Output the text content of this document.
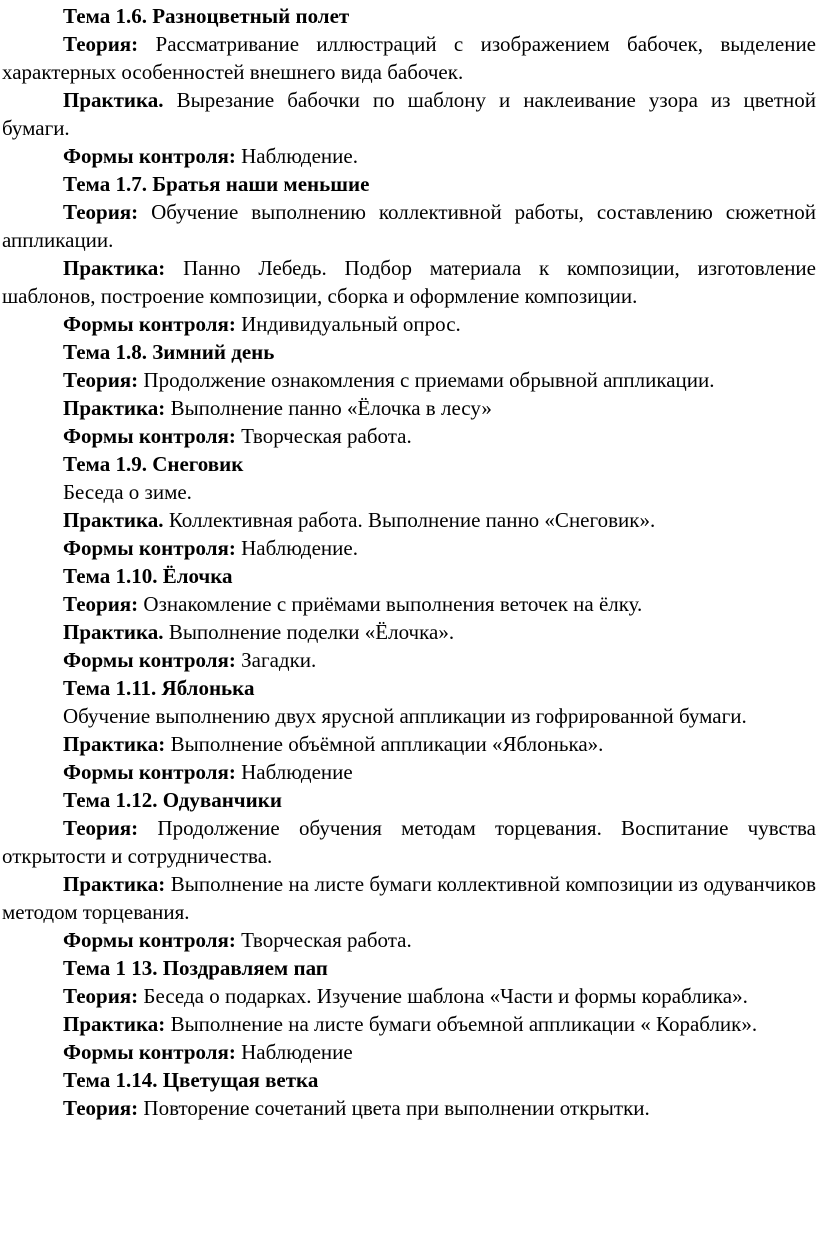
Тема 1.6. Разноцветный полет

Теория: Рассматривание иллюстраций с изображением бабочек, выделение характерных особенностей внешнего вида бабочек.

Практика. Вырезание бабочки по шаблону и наклеивание узора из цветной бумаги.

Формы контроля: Наблюдение.

Тема 1.7. Братья наши меньшие

Теория: Обучение выполнению коллективной работы, составлению сюжетной аппликации.

Практика: Панно Лебедь. Подбор материала к композиции, изготовление шаблонов, построение композиции, сборка и оформление композиции.

Формы контроля: Индивидуальный опрос.

Тема 1.8. Зимний день

Теория: Продолжение ознакомления с приемами обрывной аппликации.

Практика: Выполнение панно «Ёлочка в лесу»

Формы контроля: Творческая работа.

Тема 1.9. Снеговик

Беседа о зиме.

Практика. Коллективная работа. Выполнение панно «Снеговик».

Формы контроля: Наблюдение.

Тема 1.10. Ёлочка

Теория: Ознакомление с приёмами выполнения веточек на ёлку.

Практика. Выполнение поделки «Ёлочка».

Формы контроля: Загадки.

Тема 1.11. Яблонька

Обучение выполнению двух ярусной аппликации из гофрированной бумаги.

Практика: Выполнение объёмной аппликации «Яблонька».

Формы контроля: Наблюдение

Тема 1.12. Одуванчики

Теория: Продолжение обучения методам торцевания. Воспитание чувства открытости и сотрудничества.

Практика: Выполнение на листе бумаги коллективной композиции из одуванчиков методом торцевания.

Формы контроля: Творческая работа.

Тема 1 13. Поздравляем пап

Теория: Беседа о подарках. Изучение шаблона «Части и формы кораблика».

Практика: Выполнение на листе бумаги объемной аппликации « Кораблик».

Формы контроля: Наблюдение

Тема 1.14. Цветущая ветка

Теория: Повторение сочетаний цвета при выполнении открытки.
